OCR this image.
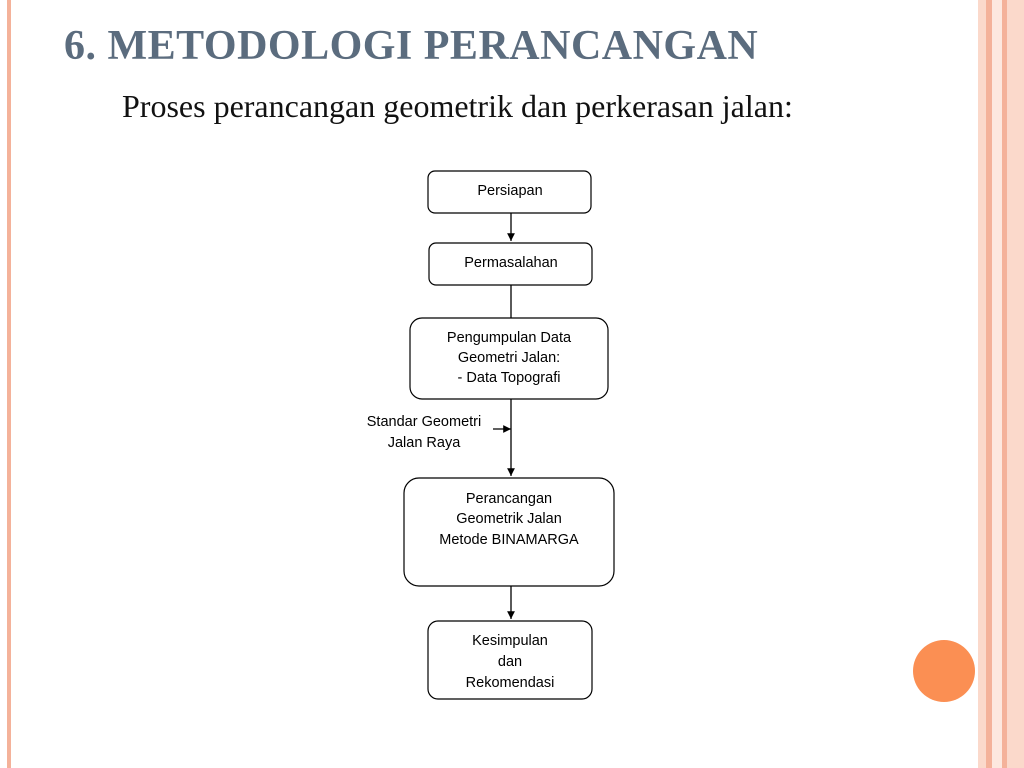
6. METODOLOGI PERANCANGAN

Proses perancangan geometrik dan perkerasan jalan:

Persiapan
Permasalahan
Pengumpulan Data
Geometri Jalan:
- Data Topografi
Perancangan
Geometrik Jalan
Metode BINAMARGA
Kesimpulan
dan
Rekomendasi
Standar Geometri
Jalan Raya
